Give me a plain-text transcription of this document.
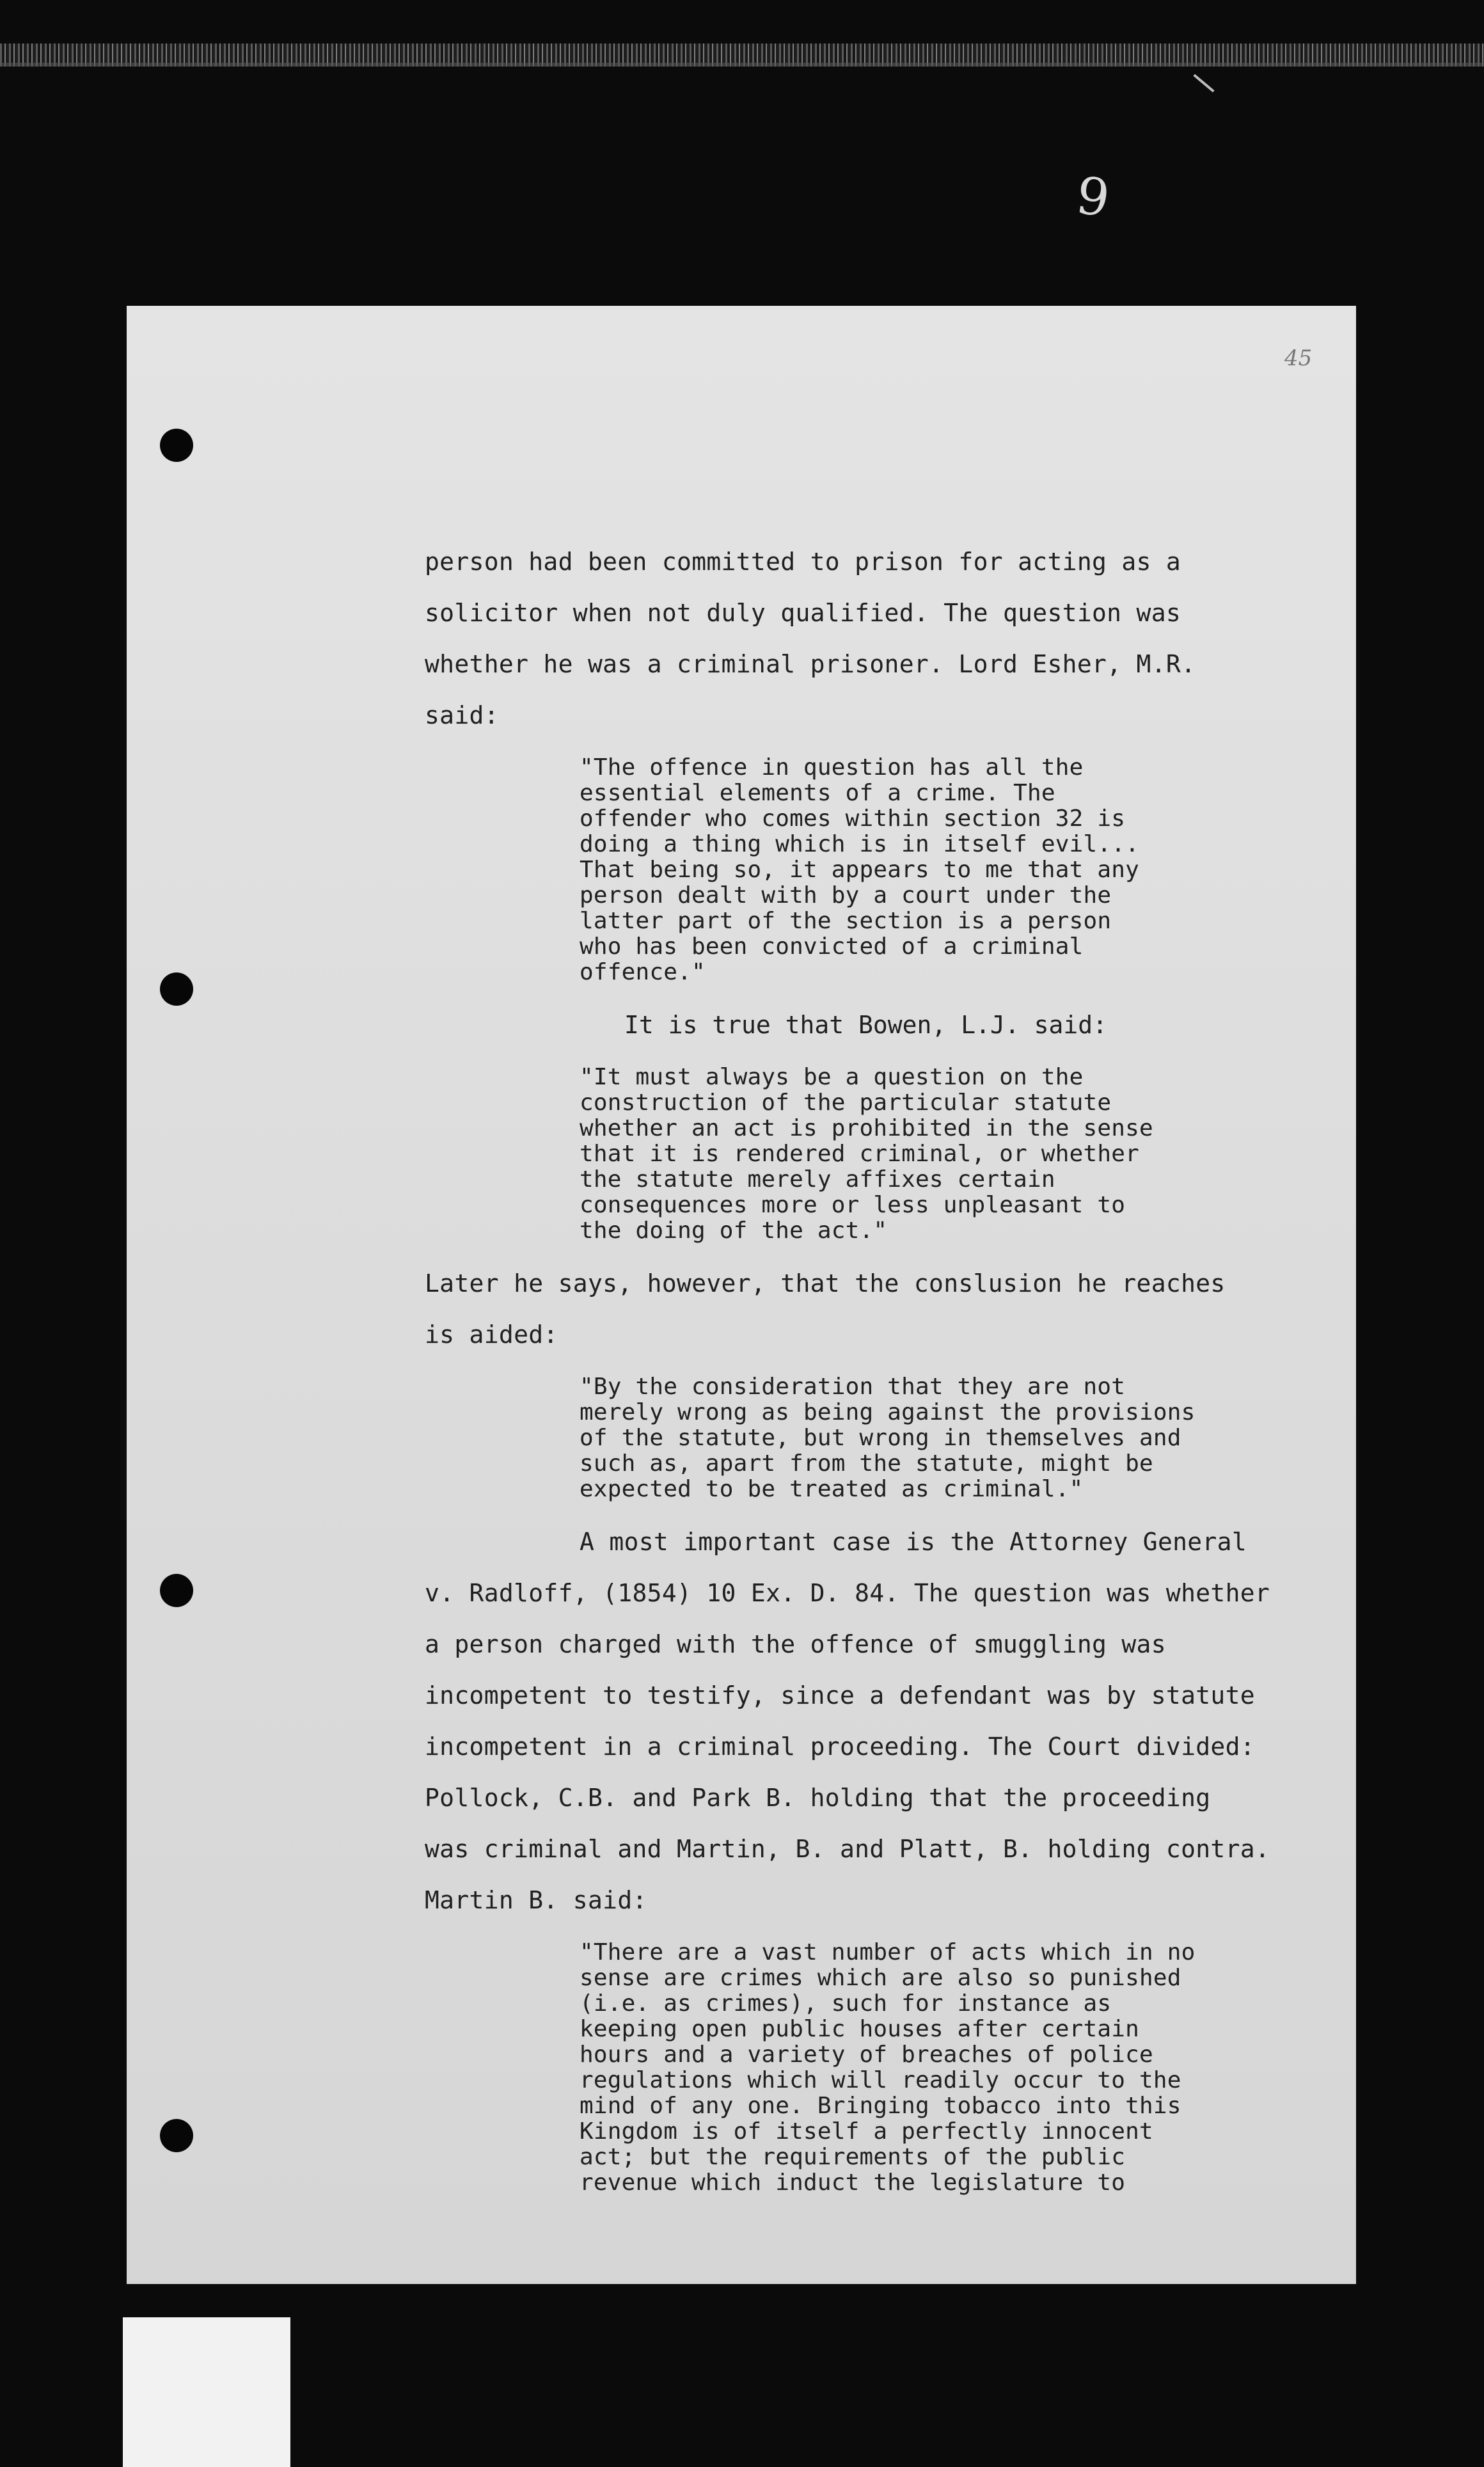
9
45

person had been committed to prison for acting as a
solicitor when not duly qualified. The question was
whether he was a criminal prisoner. Lord Esher, M.R.
said:

"The offence in question has all the
essential elements of a crime. The
offender who comes within section 32 is
doing a thing which is in itself evil...
That being so, it appears to me that any
person dealt with by a court under the
latter part of the section is a person
who has been convicted of a criminal
offence."

It is true that Bowen, L.J. said:

"It must always be a question on the
construction of the particular statute
whether an act is prohibited in the sense
that it is rendered criminal, or whether
the statute merely affixes certain
consequences more or less unpleasant to
the doing of the act."

Later he says, however, that the conslusion he reaches
is aided:

"By the consideration that they are not
merely wrong as being against the provisions
of the statute, but wrong in themselves and
such as, apart from the statute, might be
expected to be treated as criminal."

A most important case is the Attorney General

v. Radloff, (1854) 10 Ex. D. 84. The question was whether
a person charged with the offence of smuggling was
incompetent to testify, since a defendant was by statute
incompetent in a criminal proceeding. The Court divided:
Pollock, C.B. and Park B. holding that the proceeding
was criminal and Martin, B. and Platt, B. holding contra.
Martin B. said:

"There are a vast number of acts which in no
sense are crimes which are also so punished
(i.e. as crimes), such for instance as
keeping open public houses after certain
hours and a variety of breaches of police
regulations which will readily occur to the
mind of any one. Bringing tobacco into this
Kingdom is of itself a perfectly innocent
act; but the requirements of the public
revenue which induct the legislature to
